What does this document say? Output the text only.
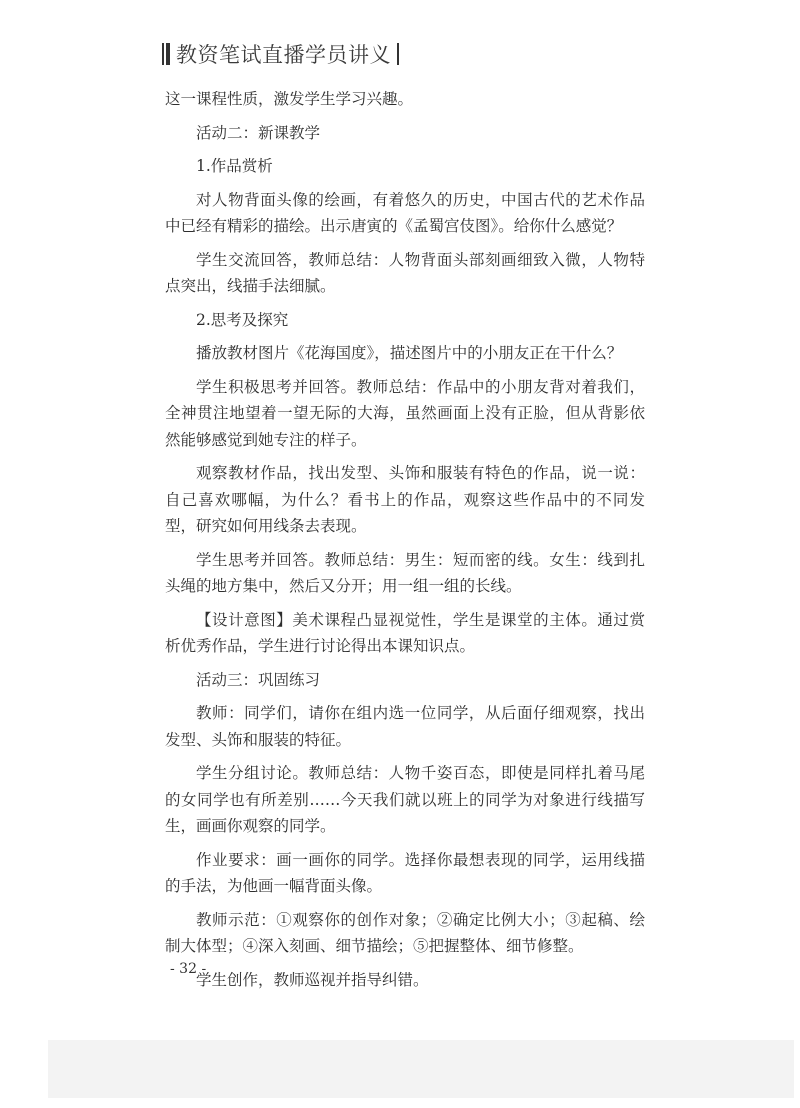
教资笔试直播学员讲义

这一课程性质，激发学生学习兴趣。

活动二：新课教学

1.作品赏析

对人物背面头像的绘画，有着悠久的历史，中国古代的艺术作品中已经有精彩的描绘。出示唐寅的《孟蜀宫伎图》。给你什么感觉？

学生交流回答，教师总结：人物背面头部刻画细致入微，人物特点突出，线描手法细腻。

2.思考及探究

播放教材图片《花海国度》，描述图片中的小朋友正在干什么？

学生积极思考并回答。教师总结：作品中的小朋友背对着我们，全神贯注地望着一望无际的大海，虽然画面上没有正脸，但从背影依然能够感觉到她专注的样子。

观察教材作品，找出发型、头饰和服装有特色的作品，说一说：自己喜欢哪幅，为什么？看书上的作品，观察这些作品中的不同发型，研究如何用线条去表现。

学生思考并回答。教师总结：男生：短而密的线。女生：线到扎头绳的地方集中，然后又分开；用一组一组的长线。

【设计意图】美术课程凸显视觉性，学生是课堂的主体。通过赏析优秀作品，学生进行讨论得出本课知识点。

活动三：巩固练习

教师：同学们，请你在组内选一位同学，从后面仔细观察，找出发型、头饰和服装的特征。

学生分组讨论。教师总结：人物千姿百态，即使是同样扎着马尾的女同学也有所差别……今天我们就以班上的同学为对象进行线描写生，画画你观察的同学。

作业要求：画一画你的同学。选择你最想表现的同学，运用线描的手法，为他画一幅背面头像。

教师示范：①观察你的创作对象；②确定比例大小；③起稿、绘制大体型；④深入刻画、细节描绘；⑤把握整体、细节修整。

学生创作，教师巡视并指导纠错。

- 32 -
